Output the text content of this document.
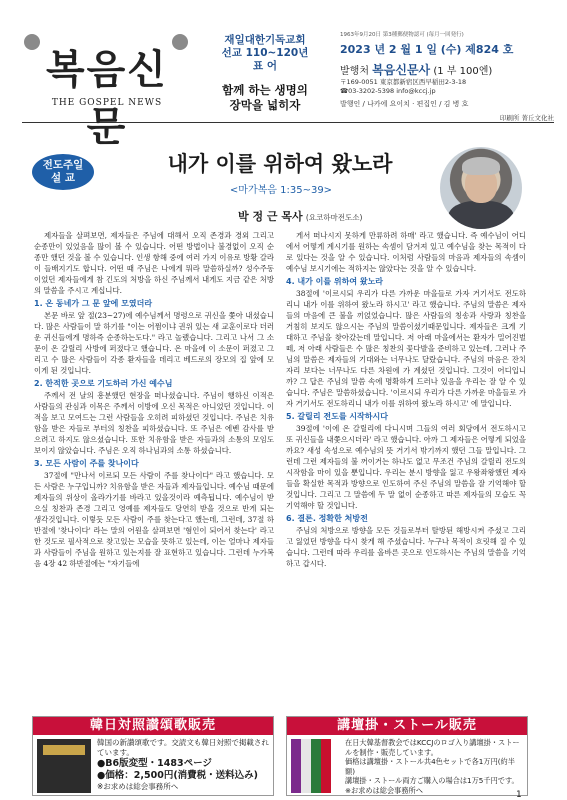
복음신문
THE GOSPEL NEWS
재일대한기독교회
선교 110~120년
표 어
함께 하는 생명의
장막을 넓히자
1963年9月20日 第3種郵便物認可 (毎月一回発行)
2023 년 2 월 1 일 (수) 제824 호
발행처 복음신문사 (1 부 100엔)
〒169-0051 東京都新宿区西早稲田2-3-18
☎03-3202-5398 info@kccj.jp
발행인 / 나카에 요이치 · 편집인 / 김 병 호
印刷所 菁丘文化社
전도주일
설 교
내가 이를 위하여 왔노라
<마가복음 1:35~39>
박 정 근 목사 (요코하마전도소)

제자들을 살펴보면, 제자들은 주님에 대해서 오직 존경과 경외 그리고 순종만이 있었음을 많이 볼 수 있습니다. 어떤 방법이나 불경없이 오직 순종만 했던 것을 볼 수 있습니다. 인생 항해 중에 여러 가지 이유로 방황 갈라이 들배지기도 합니다. 어떤 때 주님은 나에게 뭐라 말씀하실까? 성수주동이었던 제자들에게 참 긴도의 처방을 하신 주님께서 내게도 지금 같은 처방의 말씀을 주시고 계십니다.

1. 온 동네가 그 문 앞에 모였더라

본문 바로 앞 절(23~27)에 예수님께서 명령으로 귀신을 쫓아 내셨습니다. 많은 사람들이 말 하기를 "이는 어쩜이냐 권위 있는 새 교훈이로다 더러운 귀신들에게 명하즉 순종하는도다." 라고 놀랬습니다. 그리고 나서 그 소문이 온 갈릴리 사방에 퍼졌다고 했습니다. 온 마을에 이 소문이 퍼졌고 그리고 수 많은 사람들이 각종 환자들을 데리고 베드로의 장모의 집 앞에 모이게 된 것입니다.

2. 한적한 곳으로 기도하러 가신 예수님

주께서 전 날의 흥분했던 현장을 떠나셨습니다. 주님이 행하신 이적은 사람들의 관심과 이목은 주께서 이방에 오신 목적은 아니었던 것입니다. 이적을 보고 모여드는 그런 사람들을 오히려 피하셨던 것입니다. 주님은 치유함을 받은 자들로 부터의 칭찬을 피하셨습니다. 또 주님은 에벤 감사를 받으려고 하지도 않으셨습니다. 또한 치유함을 받은 자들과의 소통의 모임도 보이지 않았습니다. 주님은 오직 하나님과의 소통 하셨습니다.

3. 모든 사람이 주를 찾나이다

37절에 "만나서 이르되 모든 사람이 주를 찾나이다" 라고 했습니다. 모든 사람은 누구입니까? 치유함을 받은 자들과 제자들입니다. 예수님 때문에 제자들의 위상이 올라가기를 바라고 있을것이라 예측됩니다. 예수님이 받으실 칭찬과 존경 그리고 영예를 제자들도 당연히 받을 것으로 반게 되는 생각것입니다. 이렇듯 모든 사람이 주를 찾는다고 했는데, 그런데, 37절 하반절에 '찾나이다' 라는 말의 어원을 살펴보면 '혐인이 되어서 찾는다' 라고 한 것도로 필사적으로 찾고있는 모습을 뜻하고 있는데, 이는 얼마나 제자들과 사람들이 주님을 원하고 있는지를 잘 표현하고 있습니다. 그런데 누가복음 4장 42 하반절에는 "자기들에

게서 떠나시지 못하게 만류하려 하매' 라고 했습니다. 즉 예수님이 어디에서 어떻게 계시기를 원하는 속셈이 담겨져 있고 예수님을 찾는 목적이 다로 있다는 것을 알 수 있습니다. 이처럼 사람들의 마음과 제자들의 속셈이 예수님 보시기에는 적하지는 않았다는 것을 알 수 있습니다.

4. 내가 이를 위하여 왔노라

38절에 '이르시되 우리가 다른 가까운 마을들로 가자 거기서도 전도하리니 내가 이를 위하여 왔노라 하시고' 라고 했습니다. 주님의 말씀은 제자들의 마음에 큰 불을 끼얹었습니다. 많은 사람들의 칭송과 사랑과 칭찬을 거침히 보지도 않으시는 주님의 말씀이셨기때문입니다. 제자들은 크게 기대하고 주님을 찾아갔는데 말입니다. 저 아래 마을에서는 환자가 밀어진벌떼, 저 아래 사람들은 수 많은 칭찬의 꽃다발을 준비하고 있는데, 그러나 주님의 말씀은 제자들의 기대와는 너무나도 달랐습니다. 주님의 마음은 잔치 자리 보다는 너무나도 다른 차원에 가 계셨던 것입니다. 그것이 어디입니까? 그 답은 주님의 말씀 속에 명확하게 드러나 있음을 우리는 잘 알 수 있습니다. 주님은 말씀하셨습니다. '이르시되 우리가 다른 가까운 마을들로 가자 거기서도 전도하리니 내가 이를 위하여 왔노라 하시고' 에 말입니다.

5. 갈릴리 전도를 시작하시다

39절에 '이에 온 갈릴리에 다니시며 그들의 여러 회당에서 전도하시고 또 귀신들을 내쫓으시더라' 라고 했습니다. 아까 그 제자들은 어떻게 되었을까요? 새성 속성으로 예수님의 뜻 거기서 밖기까지 했던 그들 말입니다. 그런데 그런 제자들의 불 꺼이거는 하나도 없고 무조건 주님의 갈릴리 전도의 시작함을 마이 있을 뿐입니다. 우리는 분시 방향을 잃고 우왕좌왕했던 제자들을 확실한 목적과 방향으로 인도하여 주신 주님의 말씀을 잘 기억해야 할 것입니다. 그리고 그 말씀에 두 말 없이 순종하고 따른 제자들의 모습도 꼭 기억해야 할 것입니다.

6. 결론. 정확한 처방전

주님의 처방으로 방향을 모든 것들로부터 탈방된 해방시켜 주셨고 그리고 잃었던 방향을 다시 찾게 해 주셨습니다. 누구나 목적이 흐릿해 질 수 있습니다. 그런데 따라 우리를 올바른 곳으로 인도하시는 주님의 말씀을 기억하고 갑시다.

韓日対照讃頌歌販売
韓国の新讃頌歌です。交読文も韓日対照で掲載されています。
●B6版変型・1483ページ
●価格：2,500円(消費税・送料込み)
※お求めは総会事務所へ
講壇掛・ストール販売
在日大韓基督教会ではKCCJのロゴ入り講壇掛・ストールを制作・販売しています。
価格は講壇掛・ストール共4色セットで各1万円(約半額)
講壇掛・ストール両方ご購入の場合は1万5千円です。※お求めは総会事務所へ	1
